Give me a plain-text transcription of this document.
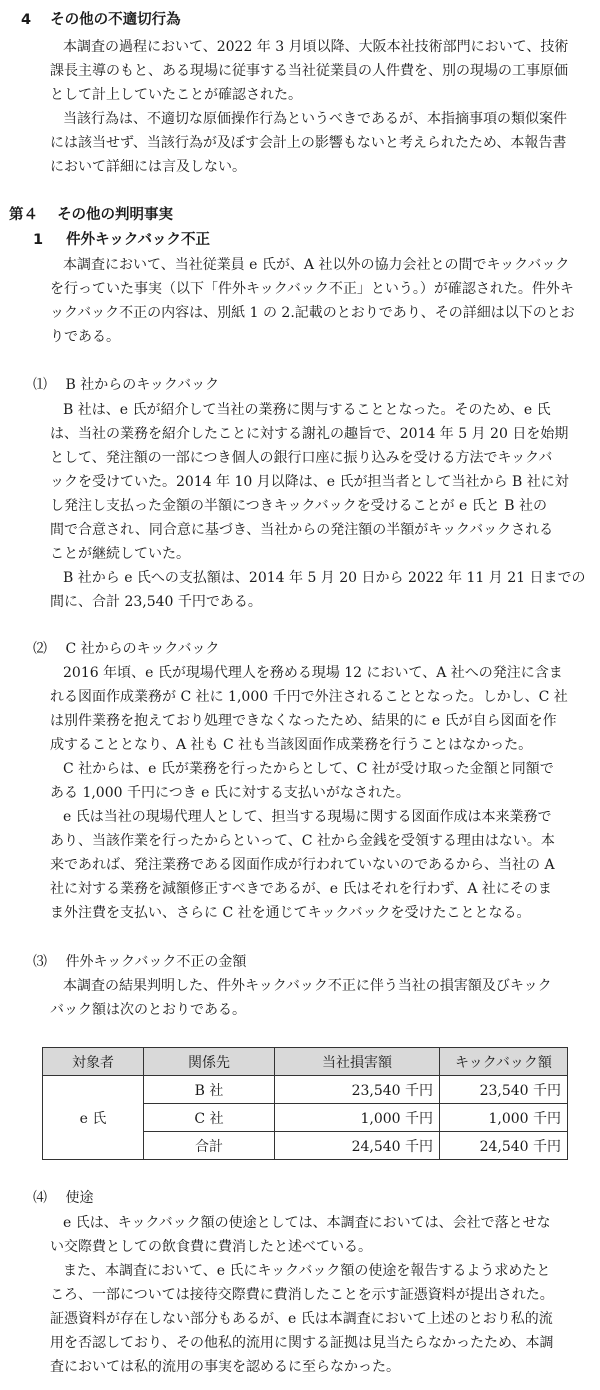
4 その他の不適切行為
本調査の過程において、2022 年 3 月頃以降、大阪本社技術部門において、技術
課長主導のもと、ある現場に従事する当社従業員の人件費を、別の現場の工事原価
として計上していたことが確認された。
当該行為は、不適切な原価操作行為というべきであるが、本指摘事項の類似案件
には該当せず、当該行為が及ぼす会計上の影響もないと考えられたため、本報告書
において詳細には言及しない。
第４ その他の判明事実
1 件外キックバック不正
本調査において、当社従業員 e 氏が、A 社以外の協力会社との間でキックバック
を行っていた事実（以下「件外キックバック不正」という。）が確認された。件外キ
ックバック不正の内容は、別紙 1 の 2.記載のとおりであり、その詳細は以下のとお
りである。
⑴ B 社からのキックバック
B 社は、e 氏が紹介して当社の業務に関与することとなった。そのため、e 氏
は、当社の業務を紹介したことに対する謝礼の趣旨で、2014 年 5 月 20 日を始期
として、発注額の一部につき個人の銀行口座に振り込みを受ける方法でキックバ
ックを受けていた。2014 年 10 月以降は、e 氏が担当者として当社から B 社に対
し発注し支払った金額の半額につきキックバックを受けることが e 氏と B 社の
間で合意され、同合意に基づき、当社からの発注額の半額がキックバックされる
ことが継続していた。
B 社から e 氏への支払額は、2014 年 5 月 20 日から 2022 年 11 月 21 日までの
間に、合計 23,540 千円である。
⑵ C 社からのキックバック
2016 年頃、e 氏が現場代理人を務める現場 12 において、A 社への発注に含ま
れる図面作成業務が C 社に 1,000 千円で外注されることとなった。しかし、C 社
は別件業務を抱えており処理できなくなったため、結果的に e 氏が自ら図面を作
成することとなり、A 社も C 社も当該図面作成業務を行うことはなかった。
C 社からは、e 氏が業務を行ったからとして、C 社が受け取った金額と同額で
ある 1,000 千円につき e 氏に対する支払いがなされた。
e 氏は当社の現場代理人として、担当する現場に関する図面作成は本来業務で
あり、当該作業を行ったからといって、C 社から金銭を受領する理由はない。本
来であれば、発注業務である図面作成が行われていないのであるから、当社の A
社に対する業務を減額修正すべきであるが、e 氏はそれを行わず、A 社にそのま
ま外注費を支払い、さらに C 社を通じてキックバックを受けたこととなる。
⑶ 件外キックバック不正の金額
本調査の結果判明した、件外キックバック不正に伴う当社の損害額及びキック
バック額は次のとおりである。
対象者	関係先	当社損害額	キックバック額
e 氏	B 社	23,540 千円	23,540 千円
	C 社	1,000 千円	1,000 千円
	合計	24,540 千円	24,540 千円
⑷ 使途
e 氏は、キックバック額の使途としては、本調査においては、会社で落とせな
い交際費としての飲食費に費消したと述べている。
また、本調査において、e 氏にキックバック額の使途を報告するよう求めたと
ころ、一部については接待交際費に費消したことを示す証憑資料が提出された。
証憑資料が存在しない部分もあるが、e 氏は本調査において上述のとおり私的流
用を否認しており、その他私的流用に関する証拠は見当たらなかったため、本調
査においては私的流用の事実を認めるに至らなかった。
